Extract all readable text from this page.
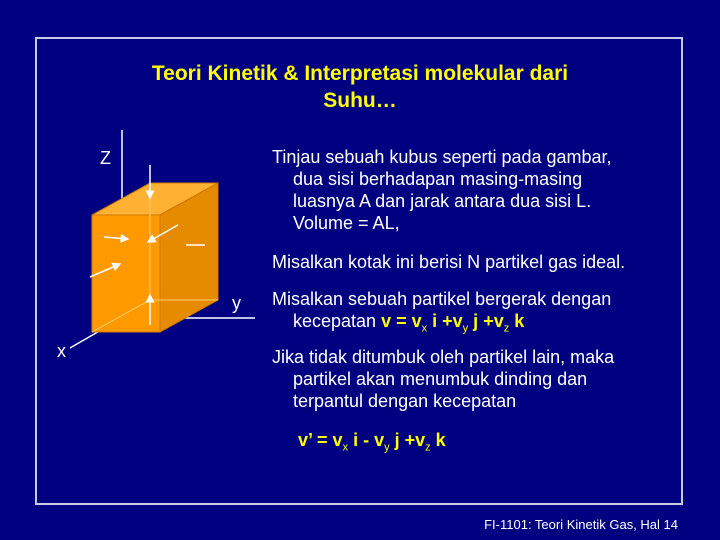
Teori Kinetik & Interpretasi molekular dari
Suhu…
Z
y
x
Tinjau sebuah kubus seperti pada gambar,
dua sisi berhadapan masing-masing
luasnya A dan jarak antara dua sisi L.
Volume = AL,
Misalkan kotak ini berisi N partikel gas ideal.
Misalkan sebuah partikel bergerak dengan
kecepatan $v = v_x$ $i +v_y$ $j +v_z$ k
Jika tidak ditumbuk oleh partikel lain, maka
partikel akan menumbuk dinding dan
terpantul dengan kecepatan
v’ = $v_x$ i - $v_y$ $j +v_z$ k
FI-1101: Teori Kinetik Gas, Hal 14
